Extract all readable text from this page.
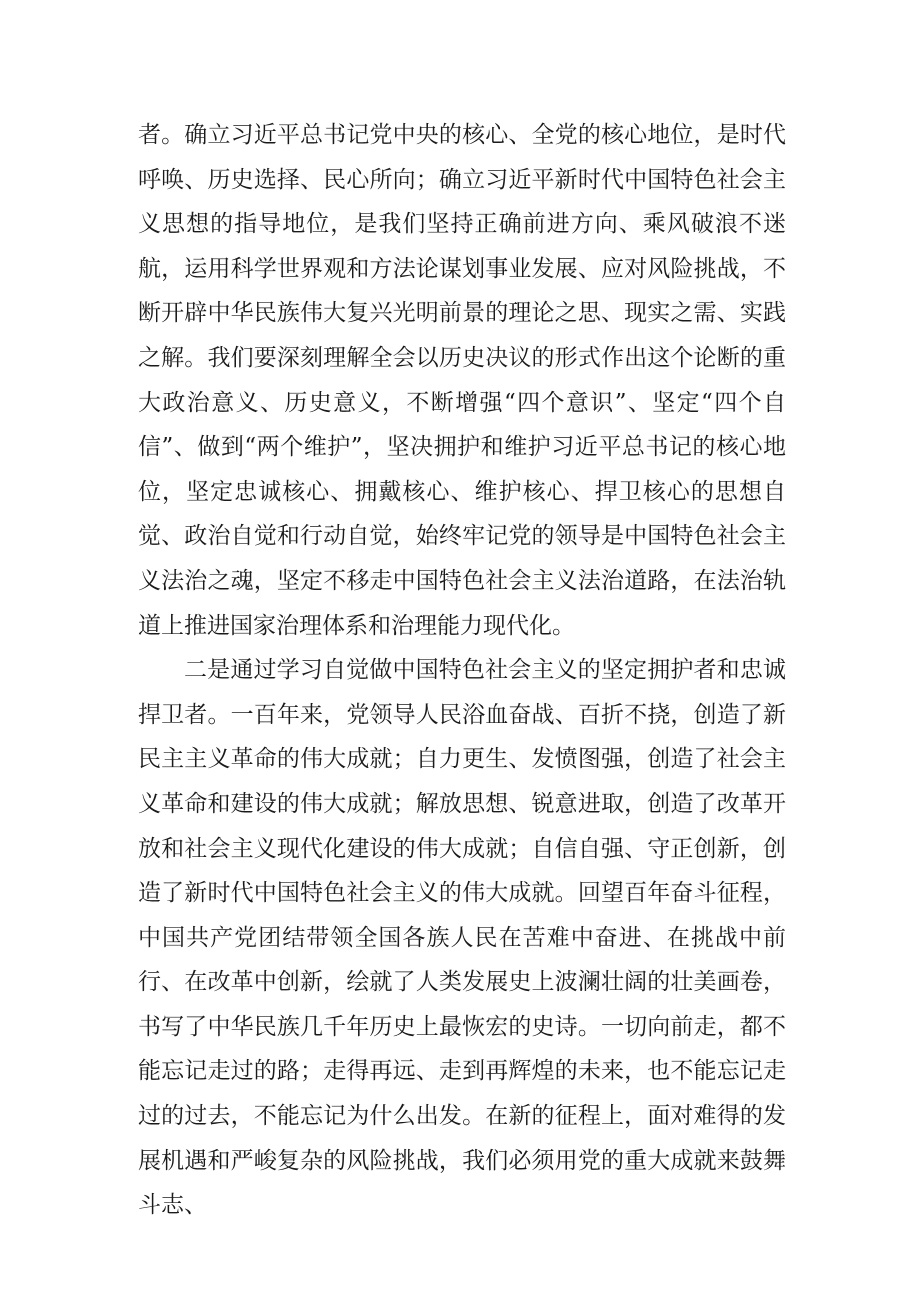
者。确立习近平总书记党中央的核心、全党的核心地位，是时代呼唤、历史选择、民心所向；确立习近平新时代中国特色社会主义思想的指导地位，是我们坚持正确前进方向、乘风破浪不迷航，运用科学世界观和方法论谋划事业发展、应对风险挑战，不断开辟中华民族伟大复兴光明前景的理论之思、现实之需、实践之解。我们要深刻理解全会以历史决议的形式作出这个论断的重大政治意义、历史意义，不断增强“四个意识”、坚定“四个自信”、做到“两个维护”，坚决拥护和维护习近平总书记的核心地位，坚定忠诚核心、拥戴核心、维护核心、捍卫核心的思想自觉、政治自觉和行动自觉，始终牢记党的领导是中国特色社会主义法治之魂，坚定不移走中国特色社会主义法治道路，在法治轨道上推进国家治理体系和治理能力现代化。

二是通过学习自觉做中国特色社会主义的坚定拥护者和忠诚捍卫者。一百年来，党领导人民浴血奋战、百折不挠，创造了新民主主义革命的伟大成就；自力更生、发愤图强，创造了社会主义革命和建设的伟大成就；解放思想、锐意进取，创造了改革开放和社会主义现代化建设的伟大成就；自信自强、守正创新，创造了新时代中国特色社会主义的伟大成就。回望百年奋斗征程，中国共产党团结带领全国各族人民在苦难中奋进、在挑战中前行、在改革中创新，绘就了人类发展史上波澜壮阔的壮美画卷，书写了中华民族几千年历史上最恢宏的史诗。一切向前走，都不能忘记走过的路；走得再远、走到再辉煌的未来，也不能忘记走过的过去，不能忘记为什么出发。在新的征程上，面对难得的发展机遇和严峻复杂的风险挑战，我们必须用党的重大成就来鼓舞斗志、
